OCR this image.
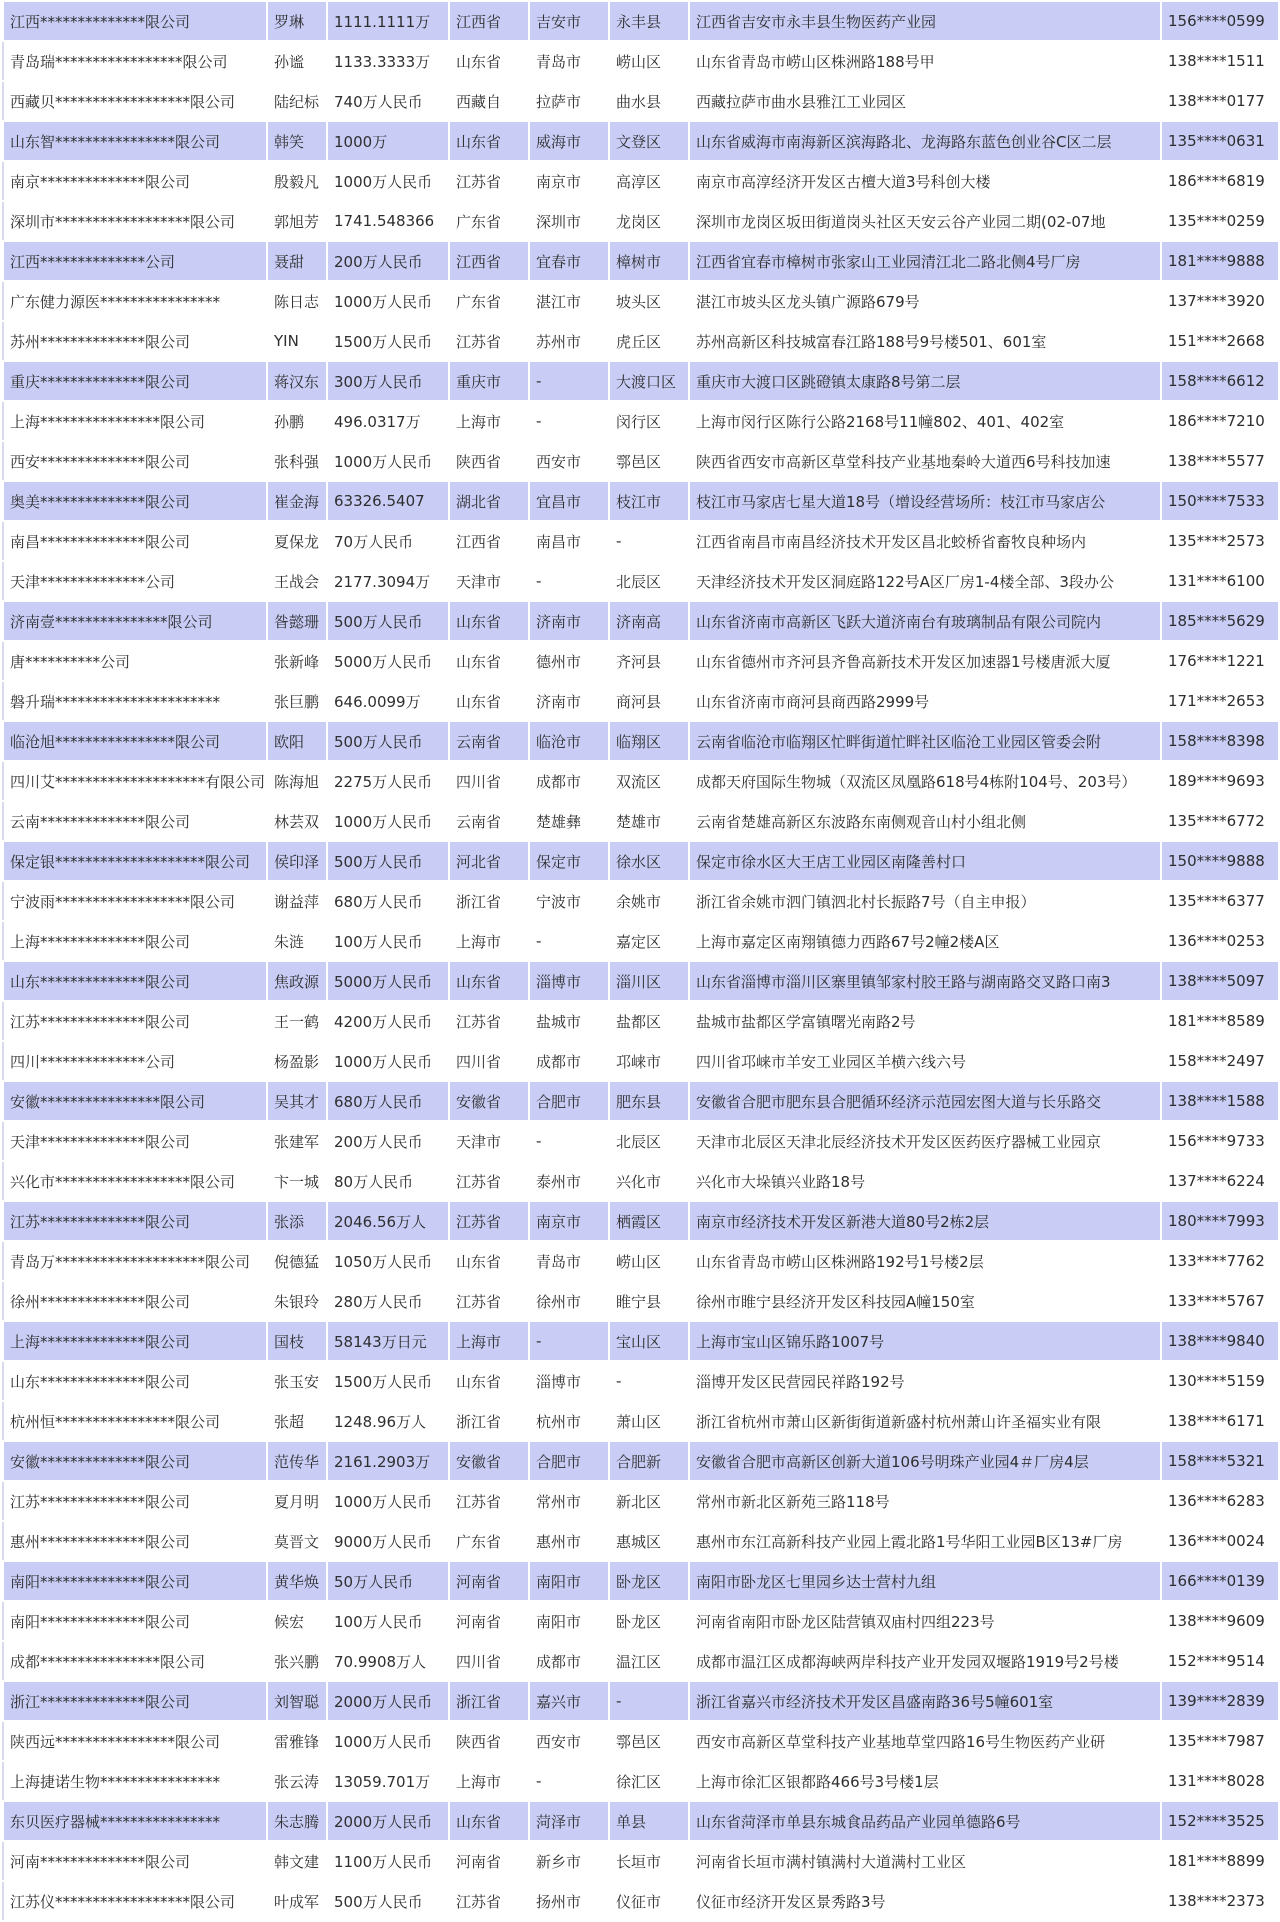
江西**************限公司	罗琳	1111.1111万	江西省	吉安市	永丰县	江西省吉安市永丰县生物医药产业园	156****0599
青岛瑞*****************限公司	孙谧	1133.3333万	山东省	青岛市	崂山区	山东省青岛市崂山区株洲路188号甲	138****1511
西藏贝******************限公司	陆纪标	740万人民币	西藏自	拉萨市	曲水县	西藏拉萨市曲水县雅江工业园区	138****0177
山东智****************限公司	韩笑	1000万	山东省	威海市	文登区	山东省威海市南海新区滨海路北、龙海路东蓝色创业谷C区二层	135****0631
南京**************限公司	殷毅凡	1000万人民币	江苏省	南京市	高淳区	南京市高淳经济开发区古檀大道3号科创大楼	186****6819
深圳市******************限公司	郭旭芳	1741.548366	广东省	深圳市	龙岗区	深圳市龙岗区坂田街道岗头社区天安云谷产业园二期(02-07地	135****0259
江西**************公司	聂甜	200万人民币	江西省	宜春市	樟树市	江西省宜春市樟树市张家山工业园清江北二路北侧4号厂房	181****9888
广东健力源医****************	陈日志	1000万人民币	广东省	湛江市	坡头区	湛江市坡头区龙头镇广源路679号	137****3920
苏州**************限公司	YIN	1500万人民币	江苏省	苏州市	虎丘区	苏州高新区科技城富春江路188号9号楼501、601室	151****2668
重庆**************限公司	蒋汉东	300万人民币	重庆市	-	大渡口区	重庆市大渡口区跳磴镇太康路8号第二层	158****6612
上海****************限公司	孙鹏	496.0317万	上海市	-	闵行区	上海市闵行区陈行公路2168号11幢802、401、402室	186****7210
西安**************限公司	张科强	1000万人民币	陕西省	西安市	鄠邑区	陕西省西安市高新区草堂科技产业基地秦岭大道西6号科技加速	138****5577
奥美**************限公司	崔金海	63326.5407	湖北省	宜昌市	枝江市	枝江市马家店七星大道18号（增设经营场所：枝江市马家店公	150****7533
南昌**************限公司	夏保龙	70万人民币	江西省	南昌市	-	江西省南昌市南昌经济技术开发区昌北蛟桥省畜牧良种场内	135****2573
天津**************公司	王战会	2177.3094万	天津市	-	北辰区	天津经济技术开发区洞庭路122号A区厂房1-4楼全部、3段办公	131****6100
济南壹***************限公司	昝懿珊	500万人民币	山东省	济南市	济南高	山东省济南市高新区飞跃大道济南台有玻璃制品有限公司院内	185****5629
唐**********公司	张新峰	5000万人民币	山东省	德州市	齐河县	山东省德州市齐河县齐鲁高新技术开发区加速器1号楼唐派大厦	176****1221
磐升瑞**********************	张巨鹏	646.0099万	山东省	济南市	商河县	山东省济南市商河县商西路2999号	171****2653
临沧旭****************限公司	欧阳	500万人民币	云南省	临沧市	临翔区	云南省临沧市临翔区忙畔街道忙畔社区临沧工业园区管委会附	158****8398
四川艾********************有限公司	陈海旭	2275万人民币	四川省	成都市	双流区	成都天府国际生物城（双流区凤凰路618号4栋附104号、203号）	189****9693
云南**************限公司	林芸双	1000万人民币	云南省	楚雄彝	楚雄市	云南省楚雄高新区东波路东南侧观音山村小组北侧	135****6772
保定银********************限公司	侯印泽	500万人民币	河北省	保定市	徐水区	保定市徐水区大王店工业园区南隆善村口	150****9888
宁波雨******************限公司	谢益萍	680万人民币	浙江省	宁波市	余姚市	浙江省余姚市泗门镇泗北村长振路7号（自主申报）	135****6377
上海**************限公司	朱涟	100万人民币	上海市	-	嘉定区	上海市嘉定区南翔镇德力西路67号2幢2楼A区	136****0253
山东**************限公司	焦政源	5000万人民币	山东省	淄博市	淄川区	山东省淄博市淄川区寨里镇邹家村胶王路与湖南路交叉路口南3	138****5097
江苏**************限公司	王一鹤	4200万人民币	江苏省	盐城市	盐都区	盐城市盐都区学富镇曙光南路2号	181****8589
四川**************公司	杨盈影	1000万人民币	四川省	成都市	邛崃市	四川省邛崃市羊安工业园区羊横六线六号	158****2497
安徽****************限公司	吴其才	680万人民币	安徽省	合肥市	肥东县	安徽省合肥市肥东县合肥循环经济示范园宏图大道与长乐路交	138****1588
天津**************限公司	张建军	200万人民币	天津市	-	北辰区	天津市北辰区天津北辰经济技术开发区医药医疗器械工业园京	156****9733
兴化市******************限公司	卞一城	80万人民币	江苏省	泰州市	兴化市	兴化市大垛镇兴业路18号	137****6224
江苏**************限公司	张添	2046.56万人	江苏省	南京市	栖霞区	南京市经济技术开发区新港大道80号2栋2层	180****7993
青岛万********************限公司	倪德猛	1050万人民币	山东省	青岛市	崂山区	山东省青岛市崂山区株洲路192号1号楼2层	133****7762
徐州**************限公司	朱银玲	280万人民币	江苏省	徐州市	睢宁县	徐州市睢宁县经济开发区科技园A幢150室	133****5767
上海**************限公司	国枝	58143万日元	上海市	-	宝山区	上海市宝山区锦乐路1007号	138****9840
山东**************限公司	张玉安	1500万人民币	山东省	淄博市	-	淄博开发区民营园民祥路192号	130****5159
杭州恒****************限公司	张超	1248.96万人	浙江省	杭州市	萧山区	浙江省杭州市萧山区新街街道新盛村杭州萧山许圣福实业有限	138****6171
安徽**************限公司	范传华	2161.2903万	安徽省	合肥市	合肥新	安徽省合肥市高新区创新大道106号明珠产业园4＃厂房4层	158****5321
江苏**************限公司	夏月明	1000万人民币	江苏省	常州市	新北区	常州市新北区新苑三路118号	136****6283
惠州**************限公司	莫晋文	9000万人民币	广东省	惠州市	惠城区	惠州市东江高新科技产业园上霞北路1号华阳工业园B区13#厂房	136****0024
南阳**************限公司	黄华焕	50万人民币	河南省	南阳市	卧龙区	南阳市卧龙区七里园乡达士营村九组	166****0139
南阳**************限公司	候宏	100万人民币	河南省	南阳市	卧龙区	河南省南阳市卧龙区陆营镇双庙村四组223号	138****9609
成都****************限公司	张兴鹏	70.9908万人	四川省	成都市	温江区	成都市温江区成都海峡两岸科技产业开发园双堰路1919号2号楼	152****9514
浙江**************限公司	刘智聪	2000万人民币	浙江省	嘉兴市	-	浙江省嘉兴市经济技术开发区昌盛南路36号5幢601室	139****2839
陕西远****************限公司	雷雅锋	1000万人民币	陕西省	西安市	鄠邑区	西安市高新区草堂科技产业基地草堂四路16号生物医药产业研	135****7987
上海捷诺生物****************	张云涛	13059.701万	上海市	-	徐汇区	上海市徐汇区银都路466号3号楼1层	131****8028
东贝医疗器械****************	朱志腾	2000万人民币	山东省	菏泽市	单县	山东省菏泽市单县东城食品药品产业园单德路6号	152****3525
河南**************限公司	韩文建	1100万人民币	河南省	新乡市	长垣市	河南省长垣市满村镇满村大道满村工业区	181****8899
江苏仪******************限公司	叶成军	500万人民币	江苏省	扬州市	仪征市	仪征市经济开发区景秀路3号	138****2373
